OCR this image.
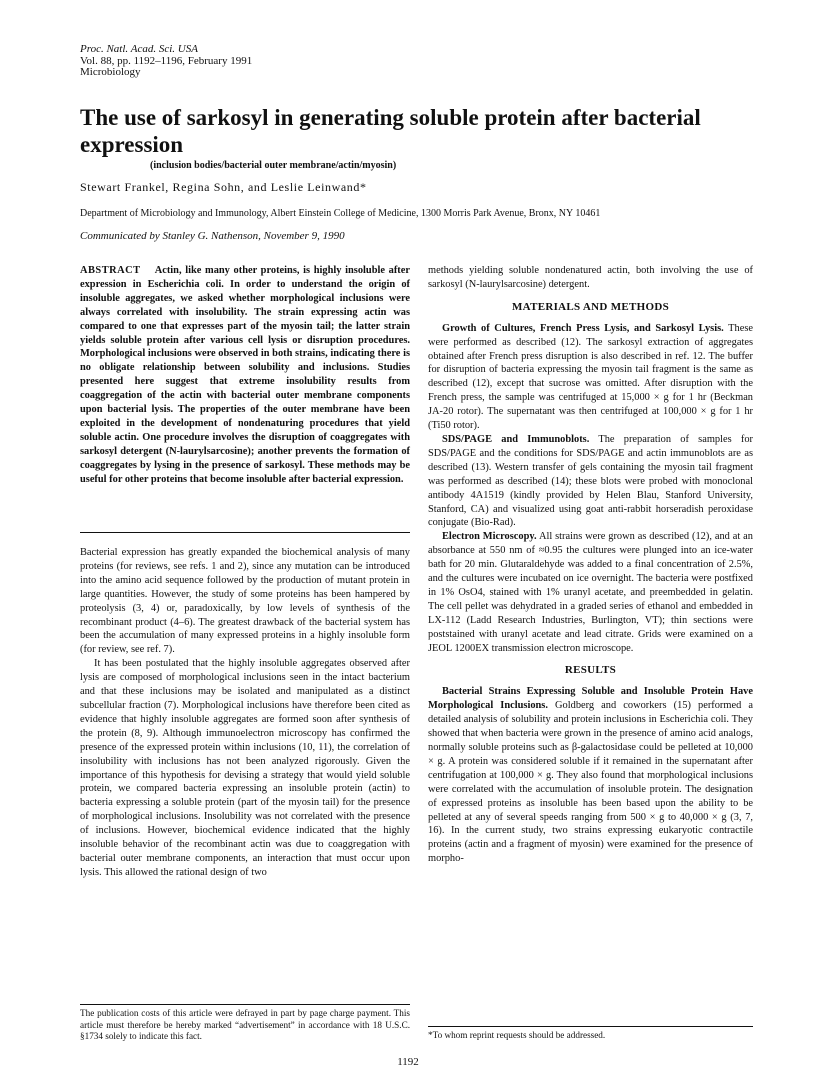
Proc. Natl. Acad. Sci. USA
Vol. 88, pp. 1192–1196, February 1991
Microbiology
The use of sarkosyl in generating soluble protein after bacterial expression
(inclusion bodies/bacterial outer membrane/actin/myosin)
Stewart Frankel, Regina Sohn, and Leslie Leinwand*
Department of Microbiology and Immunology, Albert Einstein College of Medicine, 1300 Morris Park Avenue, Bronx, NY 10461
Communicated by Stanley G. Nathenson, November 9, 1990
ABSTRACT Actin, like many other proteins, is highly insoluble after expression in Escherichia coli. In order to understand the origin of insoluble aggregates, we asked whether morphological inclusions were always correlated with insolubility. The strain expressing actin was compared to one that expresses part of the myosin tail; the latter strain yields soluble protein after various cell lysis or disruption procedures. Morphological inclusions were observed in both strains, indicating there is no obligate relationship between solubility and inclusions. Studies presented here suggest that extreme insolubility results from coaggregation of the actin with bacterial outer membrane components upon bacterial lysis. The properties of the outer membrane have been exploited in the development of nondenaturing procedures that yield soluble actin. One procedure involves the disruption of coaggregates with sarkosyl detergent (N-laurylsarcosine); another prevents the formation of coaggregates by lysing in the presence of sarkosyl. These methods may be useful for other proteins that become insoluble after bacterial expression.

Bacterial expression has greatly expanded the biochemical analysis of many proteins (for reviews, see refs. 1 and 2), since any mutation can be introduced into the amino acid sequence followed by the production of mutant protein in large quantities. However, the study of some proteins has been hampered by proteolysis (3, 4) or, paradoxically, by low levels of synthesis of the recombinant product (4–6). The greatest drawback of the bacterial system has been the accumulation of many expressed proteins in a highly insoluble form (for review, see ref. 7).

It has been postulated that the highly insoluble aggregates observed after lysis are composed of morphological inclusions seen in the intact bacterium and that these inclusions may be isolated and manipulated as a distinct subcellular fraction (7). Morphological inclusions have therefore been cited as evidence that highly insoluble aggregates are formed soon after synthesis of the protein (8, 9). Although immunoelectron microscopy has confirmed the presence of the expressed protein within inclusions (10, 11), the correlation of insolubility with inclusions has not been analyzed rigorously. Given the importance of this hypothesis for devising a strategy that would yield soluble protein, we compared bacteria expressing an insoluble protein (actin) to bacteria expressing a soluble protein (part of the myosin tail) for the presence of morphological inclusions. Insolubility was not correlated with the presence of inclusions. However, biochemical evidence indicated that the highly insoluble behavior of the recombinant actin was due to coaggregation with bacterial outer membrane components, an interaction that must occur upon lysis. This allowed the rational design of two

The publication costs of this article were defrayed in part by page charge payment. This article must therefore be hereby marked “advertisement” in accordance with 18 U.S.C. §1734 solely to indicate this fact.
methods yielding soluble nondenatured actin, both involving the use of sarkosyl (N-laurylsarcosine) detergent.
MATERIALS AND METHODS

Growth of Cultures, French Press Lysis, and Sarkosyl Lysis. These were performed as described (12). The sarkosyl extraction of aggregates obtained after French press disruption is also described in ref. 12. The buffer for disruption of bacteria expressing the myosin tail fragment is the same as described (12), except that sucrose was omitted. After disruption with the French press, the sample was centrifuged at 15,000 × g for 1 hr (Beckman JA-20 rotor). The supernatant was then centrifuged at 100,000 × g for 1 hr (Ti50 rotor).

SDS/PAGE and Immunoblots. The preparation of samples for SDS/PAGE and the conditions for SDS/PAGE and actin immunoblots are as described (13). Western transfer of gels containing the myosin tail fragment was performed as described (14); these blots were probed with monoclonal antibody 4A1519 (kindly provided by Helen Blau, Stanford University, Stanford, CA) and visualized using goat anti-rabbit horseradish peroxidase conjugate (Bio-Rad).

Electron Microscopy. All strains were grown as described (12), and at an absorbance at 550 nm of ≈0.95 the cultures were plunged into an ice-water bath for 20 min. Glutaraldehyde was added to a final concentration of 2.5%, and the cultures were incubated on ice overnight. The bacteria were postfixed in 1% OsO4, stained with 1% uranyl acetate, and preembedded in gelatin. The cell pellet was dehydrated in a graded series of ethanol and embedded in LX-112 (Ladd Research Industries, Burlington, VT); thin sections were poststained with uranyl acetate and lead citrate. Grids were examined on a JEOL 1200EX transmission electron microscope.

RESULTS

Bacterial Strains Expressing Soluble and Insoluble Protein Have Morphological Inclusions. Goldberg and coworkers (15) performed a detailed analysis of solubility and protein inclusions in Escherichia coli. They showed that when bacteria were grown in the presence of amino acid analogs, normally soluble proteins such as β-galactosidase could be pelleted at 10,000 × g. A protein was considered soluble if it remained in the supernatant after centrifugation at 100,000 × g. They also found that morphological inclusions were correlated with the accumulation of insoluble protein. The designation of expressed proteins as insoluble has been based upon the ability to be pelleted at any of several speeds ranging from 500 × g to 40,000 × g (3, 7, 16). In the current study, two strains expressing eukaryotic contractile proteins (actin and a fragment of myosin) were examined for the presence of morpho-

*To whom reprint requests should be addressed.
1192
